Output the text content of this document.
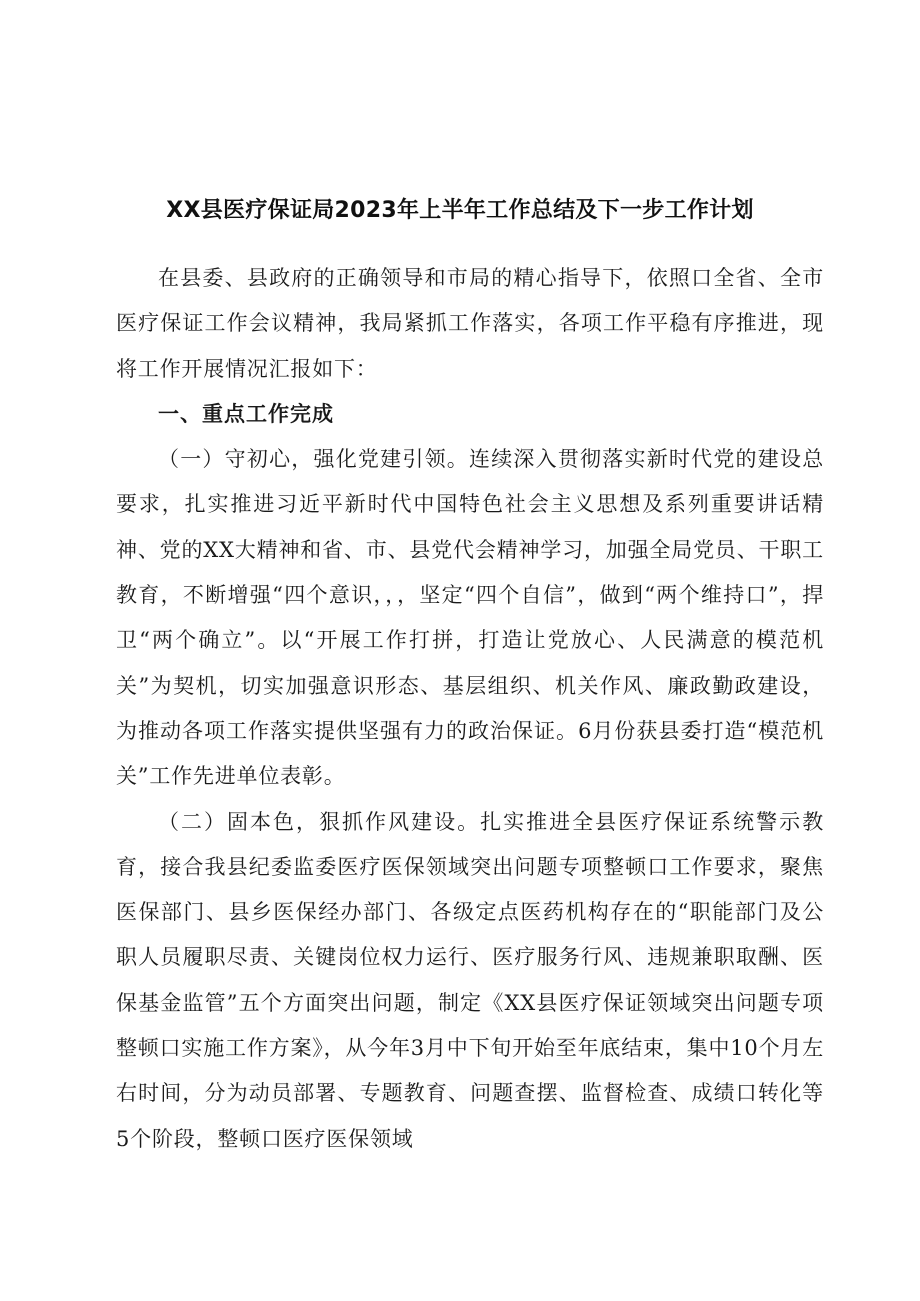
XX县医疗保证局2023年上半年工作总结及下一步工作计划

在县委、县政府的正确领导和市局的精心指导下，依照口全省、全市医疗保证工作会议精神，我局紧抓工作落实，各项工作平稳有序推进，现将工作开展情况汇报如下：

一、重点工作完成

（一）守初心，强化党建引领。连续深入贯彻落实新时代党的建设总要求，扎实推进习近平新时代中国特色社会主义思想及系列重要讲话精神、党的XX大精神和省、市、县党代会精神学习，加强全局党员、干职工教育，不断增强“四个意识，，，坚定“四个自信”，做到“两个维持口”，捍卫“两个确立”。以“开展工作打拼，打造让党放心、人民满意的模范机关”为契机，切实加强意识形态、基层组织、机关作风、廉政勤政建设，为推动各项工作落实提供坚强有力的政治保证。6月份获县委打造“模范机关”工作先进单位表彰。

（二）固本色，狠抓作风建设。扎实推进全县医疗保证系统警示教育，接合我县纪委监委医疗医保领域突出问题专项整顿口工作要求，聚焦医保部门、县乡医保经办部门、各级定点医药机构存在的“职能部门及公职人员履职尽责、关键岗位权力运行、医疗服务行风、违规兼职取酬、医保基金监管”五个方面突出问题，制定《XX县医疗保证领域突出问题专项整顿口实施工作方案》，从今年3月中下旬开始至年底结束，集中10个月左右时间，分为动员部署、专题教育、问题查摆、监督检查、成绩口转化等5个阶段，整顿口医疗医保领域
